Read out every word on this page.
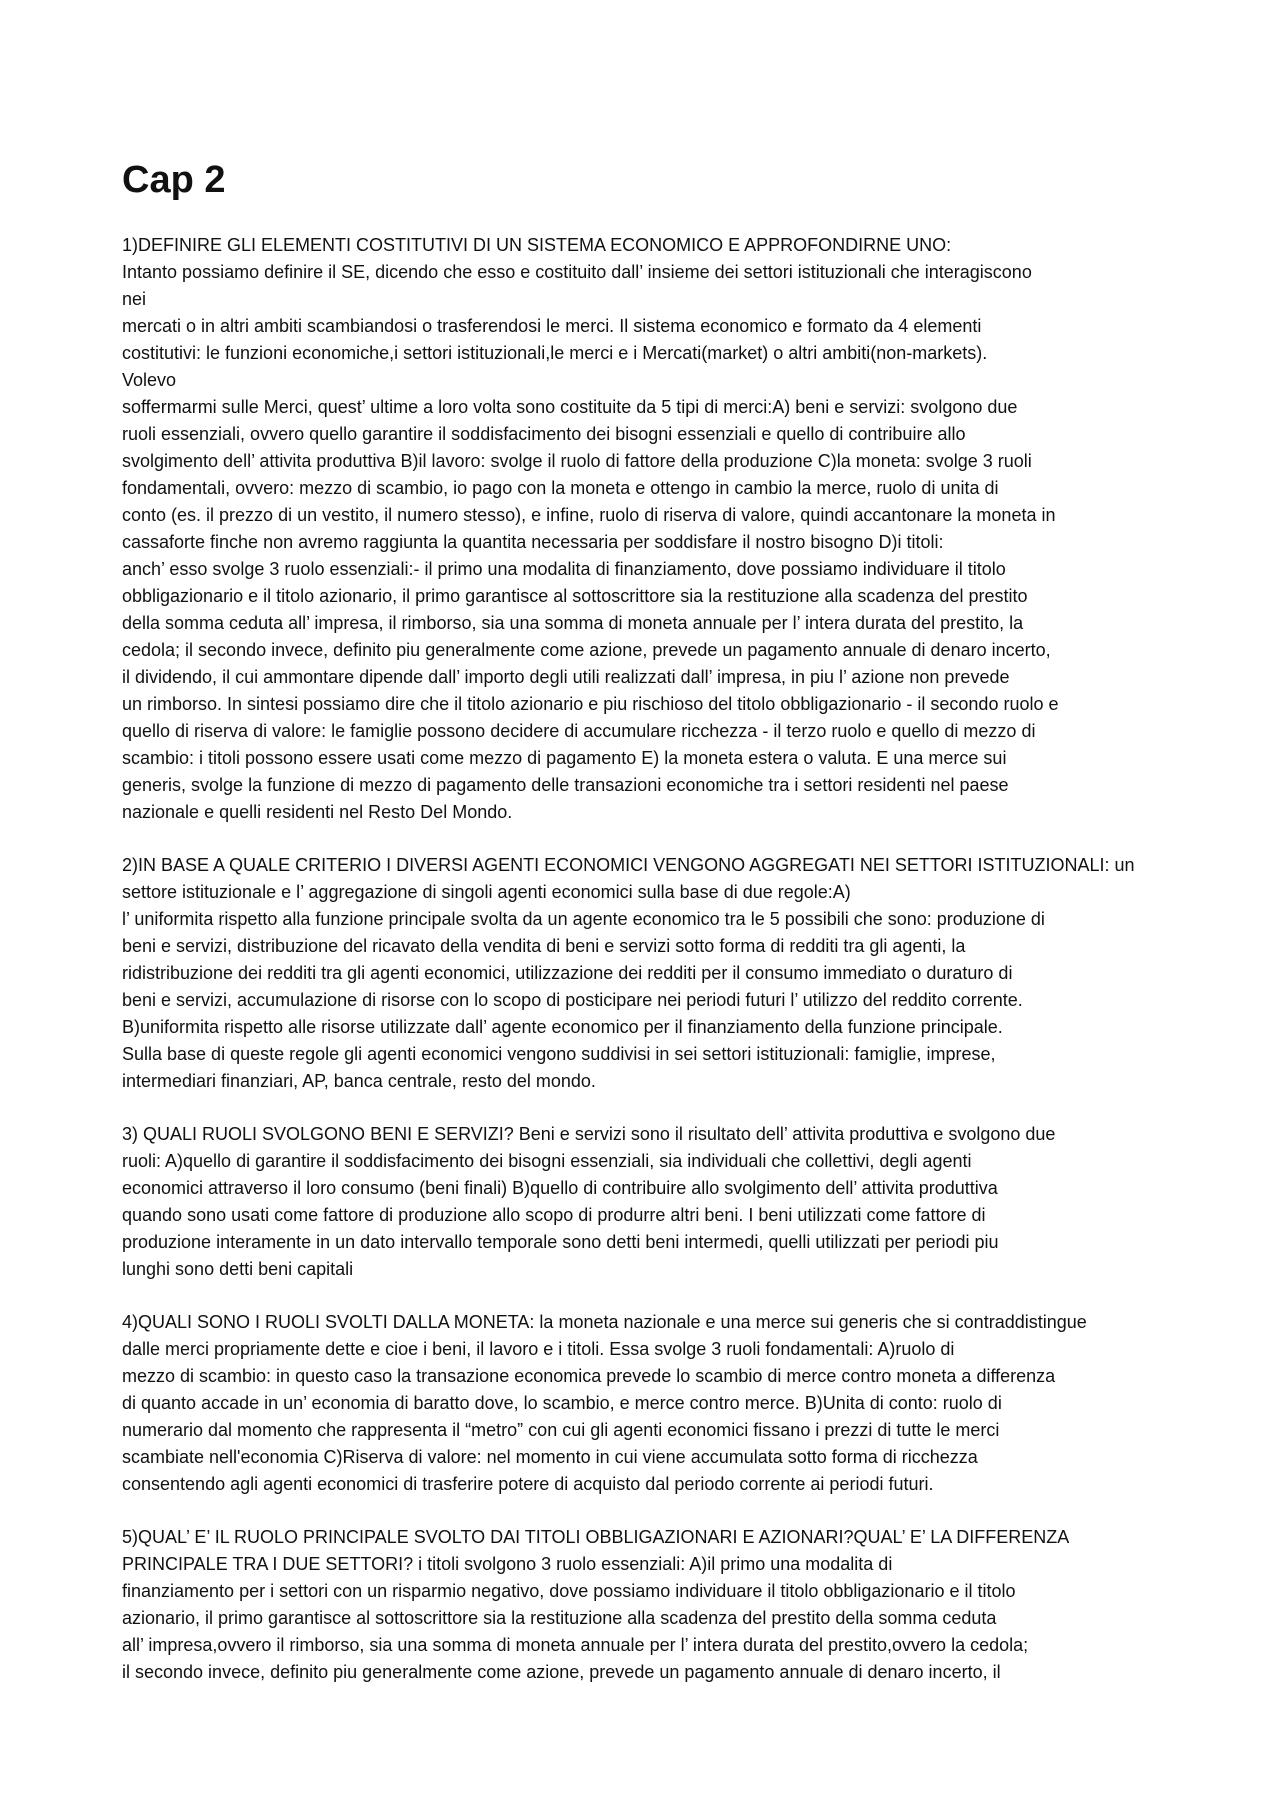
Cap 2
1)DEFINIRE GLI ELEMENTI COSTITUTIVI DI UN SISTEMA ECONOMICO E APPROFONDIRNE UNO:
Intanto possiamo definire il SE, dicendo che esso e costituito dall’ insieme dei settori istituzionali che interagiscono
nei
mercati o in altri ambiti scambiandosi o trasferendosi le merci. Il sistema economico e formato da 4 elementi
costitutivi: le funzioni economiche,i settori istituzionali,le merci e i Mercati(market) o altri ambiti(non-markets).
Volevo
soffermarmi sulle Merci, quest’ ultime a loro volta sono costituite da 5 tipi di merci:A) beni e servizi: svolgono due
ruoli essenziali, ovvero quello garantire il soddisfacimento dei bisogni essenziali e quello di contribuire allo
svolgimento dell’ attivita produttiva B)il lavoro: svolge il ruolo di fattore della produzione C)la moneta: svolge 3 ruoli
fondamentali, ovvero: mezzo di scambio, io pago con la moneta e ottengo in cambio la merce, ruolo di unita di
conto (es. il prezzo di un vestito, il numero stesso), e infine, ruolo di riserva di valore, quindi accantonare la moneta in
cassaforte finche non avremo raggiunta la quantita necessaria per soddisfare il nostro bisogno D)i titoli:
anch’ esso svolge 3 ruolo essenziali:- il primo una modalita di finanziamento, dove possiamo individuare il titolo
obbligazionario e il titolo azionario, il primo garantisce al sottoscrittore sia la restituzione alla scadenza del prestito
della somma ceduta all’ impresa, il rimborso, sia una somma di moneta annuale per l’ intera durata del prestito, la
cedola; il secondo invece, definito piu generalmente come azione, prevede un pagamento annuale di denaro incerto,
il dividendo, il cui ammontare dipende dall’ importo degli utili realizzati dall’ impresa, in piu l’ azione non prevede
un rimborso. In sintesi possiamo dire che il titolo azionario e piu rischioso del titolo obbligazionario - il secondo ruolo e
quello di riserva di valore: le famiglie possono decidere di accumulare ricchezza - il terzo ruolo e quello di mezzo di
scambio: i titoli possono essere usati come mezzo di pagamento E) la moneta estera o valuta. E una merce sui
generis, svolge la funzione di mezzo di pagamento delle transazioni economiche tra i settori residenti nel paese
nazionale e quelli residenti nel Resto Del Mondo.
2)IN BASE A QUALE CRITERIO I DIVERSI AGENTI ECONOMICI VENGONO AGGREGATI NEI SETTORI ISTITUZIONALI: un
settore istituzionale e l’ aggregazione di singoli agenti economici sulla base di due regole:A)
l’ uniformita rispetto alla funzione principale svolta da un agente economico tra le 5 possibili che sono: produzione di
beni e servizi, distribuzione del ricavato della vendita di beni e servizi sotto forma di redditi tra gli agenti, la
ridistribuzione dei redditi tra gli agenti economici, utilizzazione dei redditi per il consumo immediato o duraturo di
beni e servizi, accumulazione di risorse con lo scopo di posticipare nei periodi futuri l’ utilizzo del reddito corrente.
B)uniformita rispetto alle risorse utilizzate dall’ agente economico per il finanziamento della funzione principale.
Sulla base di queste regole gli agenti economici vengono suddivisi in sei settori istituzionali: famiglie, imprese,
intermediari finanziari, AP, banca centrale, resto del mondo.
3) QUALI RUOLI SVOLGONO BENI E SERVIZI? Beni e servizi sono il risultato dell’ attivita produttiva e svolgono due
ruoli: A)quello di garantire il soddisfacimento dei bisogni essenziali, sia individuali che collettivi, degli agenti
economici attraverso il loro consumo (beni finali) B)quello di contribuire allo svolgimento dell’ attivita produttiva
quando sono usati come fattore di produzione allo scopo di produrre altri beni. I beni utilizzati come fattore di
produzione interamente in un dato intervallo temporale sono detti beni intermedi, quelli utilizzati per periodi piu
lunghi sono detti beni capitali
4)QUALI SONO I RUOLI SVOLTI DALLA MONETA: la moneta nazionale e una merce sui generis che si contraddistingue
dalle merci propriamente dette e cioe i beni, il lavoro e i titoli. Essa svolge 3 ruoli fondamentali: A)ruolo di
mezzo di scambio: in questo caso la transazione economica prevede lo scambio di merce contro moneta a differenza
di quanto accade in un’ economia di baratto dove, lo scambio, e merce contro merce. B)Unita di conto: ruolo di
numerario dal momento che rappresenta il “metro” con cui gli agenti economici fissano i prezzi di tutte le merci
scambiate nell'economia C)Riserva di valore: nel momento in cui viene accumulata sotto forma di ricchezza
consentendo agli agenti economici di trasferire potere di acquisto dal periodo corrente ai periodi futuri.
5)QUAL’ E’ IL RUOLO PRINCIPALE SVOLTO DAI TITOLI OBBLIGAZIONARI E AZIONARI?QUAL’ E’ LA DIFFERENZA
PRINCIPALE TRA I DUE SETTORI? i titoli svolgono 3 ruolo essenziali: A)il primo una modalita di
finanziamento per i settori con un risparmio negativo, dove possiamo individuare il titolo obbligazionario e il titolo
azionario, il primo garantisce al sottoscrittore sia la restituzione alla scadenza del prestito della somma ceduta
all’ impresa,ovvero il rimborso, sia una somma di moneta annuale per l’ intera durata del prestito,ovvero la cedola;
il secondo invece, definito piu generalmente come azione, prevede un pagamento annuale di denaro incerto, il
